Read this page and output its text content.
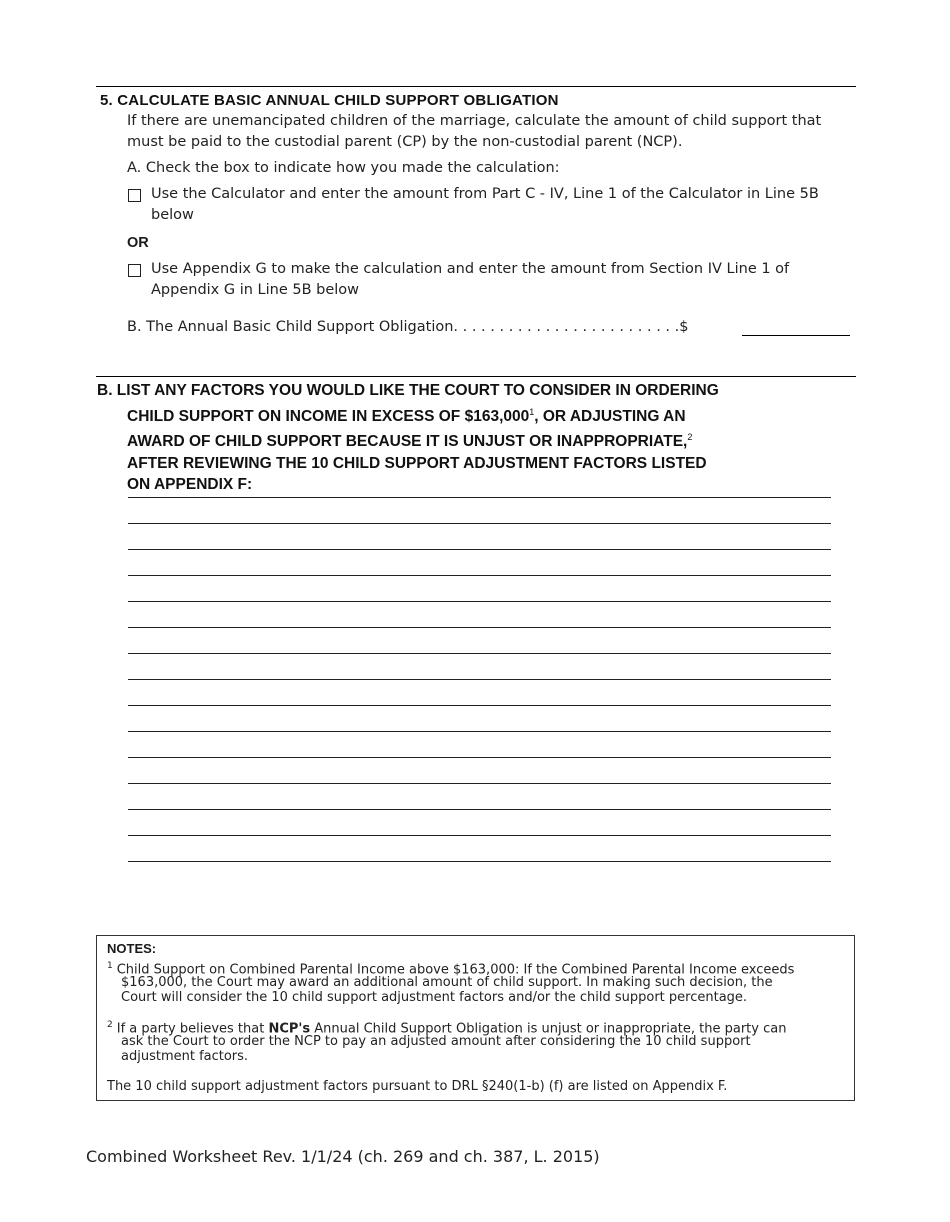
5. CALCULATE BASIC ANNUAL CHILD SUPPORT OBLIGATION
If there are unemancipated children of the marriage, calculate the amount of child support that
must be paid to the custodial parent (CP) by the non-custodial parent (NCP).
A. Check the box to indicate how you made the calculation:
Use the Calculator and enter the amount from Part C - IV, Line 1 of the Calculator in Line 5B
below
OR
Use Appendix G to make the calculation and enter the amount from Section IV Line 1 of
Appendix G in Line 5B below
B. The Annual Basic Child Support Obligation. . . . . . . . . . . . . . . . . . . . . . . . .$
B. LIST ANY FACTORS YOU WOULD LIKE THE COURT TO CONSIDER IN ORDERING
CHILD SUPPORT ON INCOME IN EXCESS OF $163,000$^1$, OR ADJUSTING AN
AWARD OF CHILD SUPPORT BECAUSE IT IS UNJUST OR INAPPROPRIATE,$^2$
AFTER REVIEWING THE 10 CHILD SUPPORT ADJUSTMENT FACTORS LISTED
ON APPENDIX F:
NOTES:
$^1$ Child Support on Combined Parental Income above $163,000: If the Combined Parental Income exceeds
$163,000, the Court may award an additional amount of child support. In making such decision, the
Court will consider the 10 child support adjustment factors and/or the child support percentage.
$^2$ If a party believes that NCP's Annual Child Support Obligation is unjust or inappropriate, the party can
ask the Court to order the NCP to pay an adjusted amount after considering the 10 child support
adjustment factors.
The 10 child support adjustment factors pursuant to DRL §240(1-b) (f) are listed on Appendix F.
Combined Worksheet Rev. 1/1/24 (ch. 269 and ch. 387, L. 2015)
